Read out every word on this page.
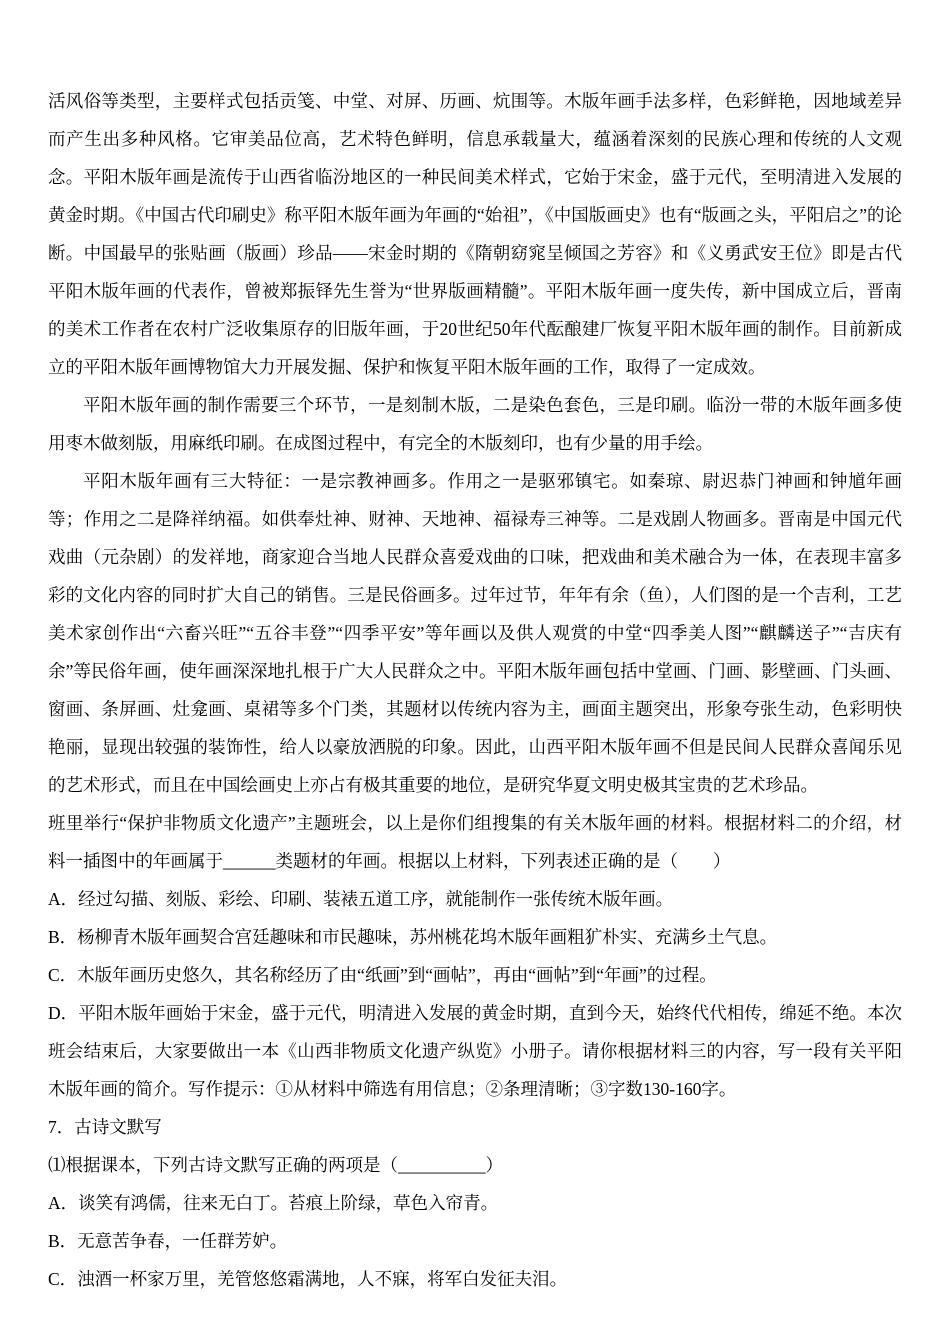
活风俗等类型，主要样式包括贡笺、中堂、对屏、历画、炕围等。木版年画手法多样，色彩鲜艳，因地域差异而产生出多种风格。它审美品位高，艺术特色鲜明，信息承载量大，蕴涵着深刻的民族心理和传统的人文观念。平阳木版年画是流传于山西省临汾地区的一种民间美术样式，它始于宋金，盛于元代，至明清进入发展的黄金时期。《中国古代印刷史》称平阳木版年画为年画的“始祖”，《中国版画史》也有“版画之头，平阳启之”的论断。中国最早的张贴画（版画）珍品——宋金时期的《隋朝窈窕呈倾国之芳容》和《义勇武安王位》即是古代平阳木版年画的代表作，曾被郑振铎先生誉为“世界版画精髓”。平阳木版年画一度失传，新中国成立后，晋南的美术工作者在农村广泛收集原存的旧版年画，于20世纪50年代酝酿建厂恢复平阳木版年画的制作。目前新成立的平阳木版年画博物馆大力开展发掘、保护和恢复平阳木版年画的工作，取得了一定成效。

平阳木版年画的制作需要三个环节，一是刻制木版，二是染色套色，三是印刷。临汾一带的木版年画多使用枣木做刻版，用麻纸印刷。在成图过程中，有完全的木版刻印，也有少量的用手绘。

平阳木版年画有三大特征：一是宗教神画多。作用之一是驱邪镇宅。如秦琼、尉迟恭门神画和钟馗年画等；作用之二是降祥纳福。如供奉灶神、财神、天地神、福禄寿三神等。二是戏剧人物画多。晋南是中国元代戏曲（元杂剧）的发祥地，商家迎合当地人民群众喜爱戏曲的口味，把戏曲和美术融合为一体，在表现丰富多彩的文化内容的同时扩大自己的销售。三是民俗画多。过年过节，年年有余（鱼），人们图的是一个吉利，工艺美术家创作出“六畜兴旺”“五谷丰登”“四季平安”等年画以及供人观赏的中堂“四季美人图”“麒麟送子”“吉庆有余”等民俗年画，使年画深深地扎根于广大人民群众之中。平阳木版年画包括中堂画、门画、影壁画、门头画、窗画、条屏画、灶龛画、桌裙等多个门类，其题材以传统内容为主，画面主题突出，形象夸张生动，色彩明快艳丽，显现出较强的装饰性，给人以豪放洒脱的印象。因此，山西平阳木版年画不但是民间人民群众喜闻乐见的艺术形式，而且在中国绘画史上亦占有极其重要的地位，是研究华夏文明史极其宝贵的艺术珍品。

班里举行“保护非物质文化遗产”主题班会，以上是你们组搜集的有关木版年画的材料。根据材料二的介绍，材料一插图中的年画属于______类题材的年画。根据以上材料，下列表述正确的是（　　）

A．经过勾描、刻版、彩绘、印刷、装裱五道工序，就能制作一张传统木版年画。

B．杨柳青木版年画契合宫廷趣味和市民趣味，苏州桃花坞木版年画粗犷朴实、充满乡土气息。

C．木版年画历史悠久，其名称经历了由“纸画”到“画帖”，再由“画帖”到“年画”的过程。

D．平阳木版年画始于宋金，盛于元代，明清进入发展的黄金时期，直到今天，始终代代相传，绵延不绝。本次班会结束后，大家要做出一本《山西非物质文化遗产纵览》小册子。请你根据材料三的内容，写一段有关平阳木版年画的简介。写作提示：①从材料中筛选有用信息；②条理清晰；③字数130-160字。

7．古诗文默写

⑴根据课本，下列古诗文默写正确的两项是（__________）

A．谈笑有鸿儒，往来无白丁。苔痕上阶绿，草色入帘青。

B．无意苦争春，一任群芳妒。

C．浊酒一杯家万里，羌管悠悠霜满地，人不寐，将军白发征夫泪。
